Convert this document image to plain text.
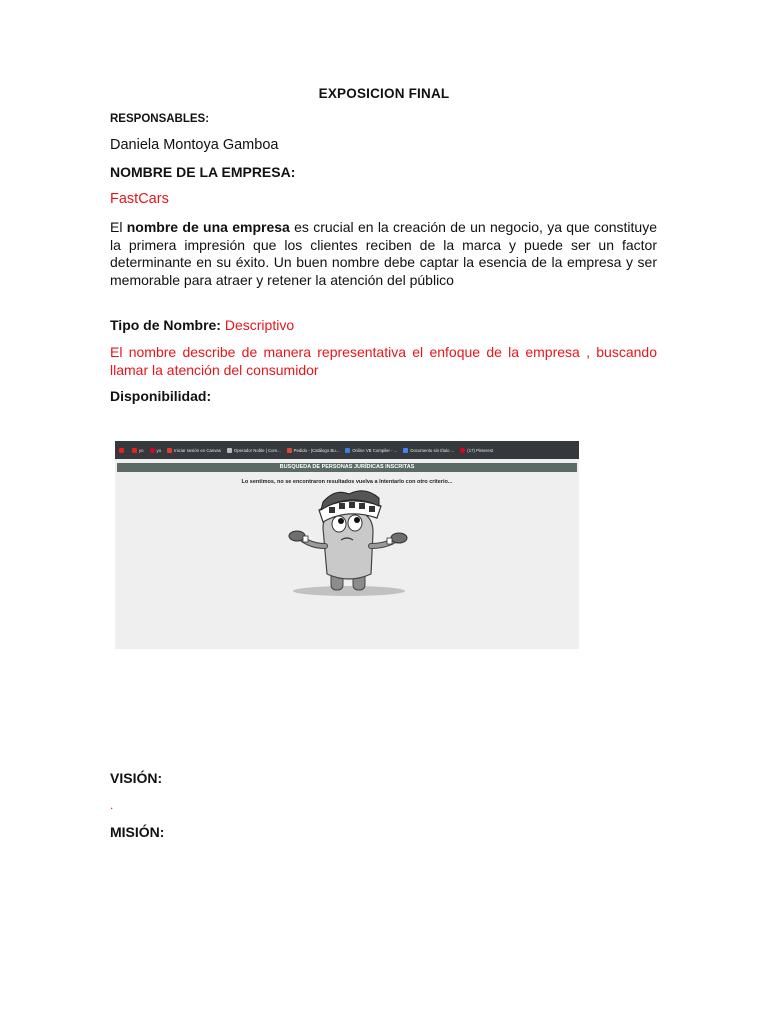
EXPOSICION FINAL
RESPONSABLES:
Daniela Montoya Gamboa
NOMBRE DE LA EMPRESA:
FastCars
El nombre de una empresa es crucial en la creación de un negocio, ya que constituye la primera impresión que los clientes reciben de la marca y puede ser un factor determinante en su éxito. Un buen nombre debe captar la esencia de la empresa y ser memorable para atraer y retener la atención del público
Tipo de Nombre: Descriptivo
El nombre describe de manera representativa el enfoque de la empresa , buscando llamar la atención del consumidor
Disponibilidad:
yo	yo	Iniciar sesión en Canvas	Operador Noble | Com...	Pedido - |Catálogo Bu...	Online VB Compiler - ...	Documento sin título ...	(17) Pinterest
BUSQUEDA DE PERSONAS JURÍDICAS INSCRITAS
Lo sentimos, no se encontraron resultados vuelva a Intentarlo con otro criterio...
VISIÓN:
.
MISIÓN:
